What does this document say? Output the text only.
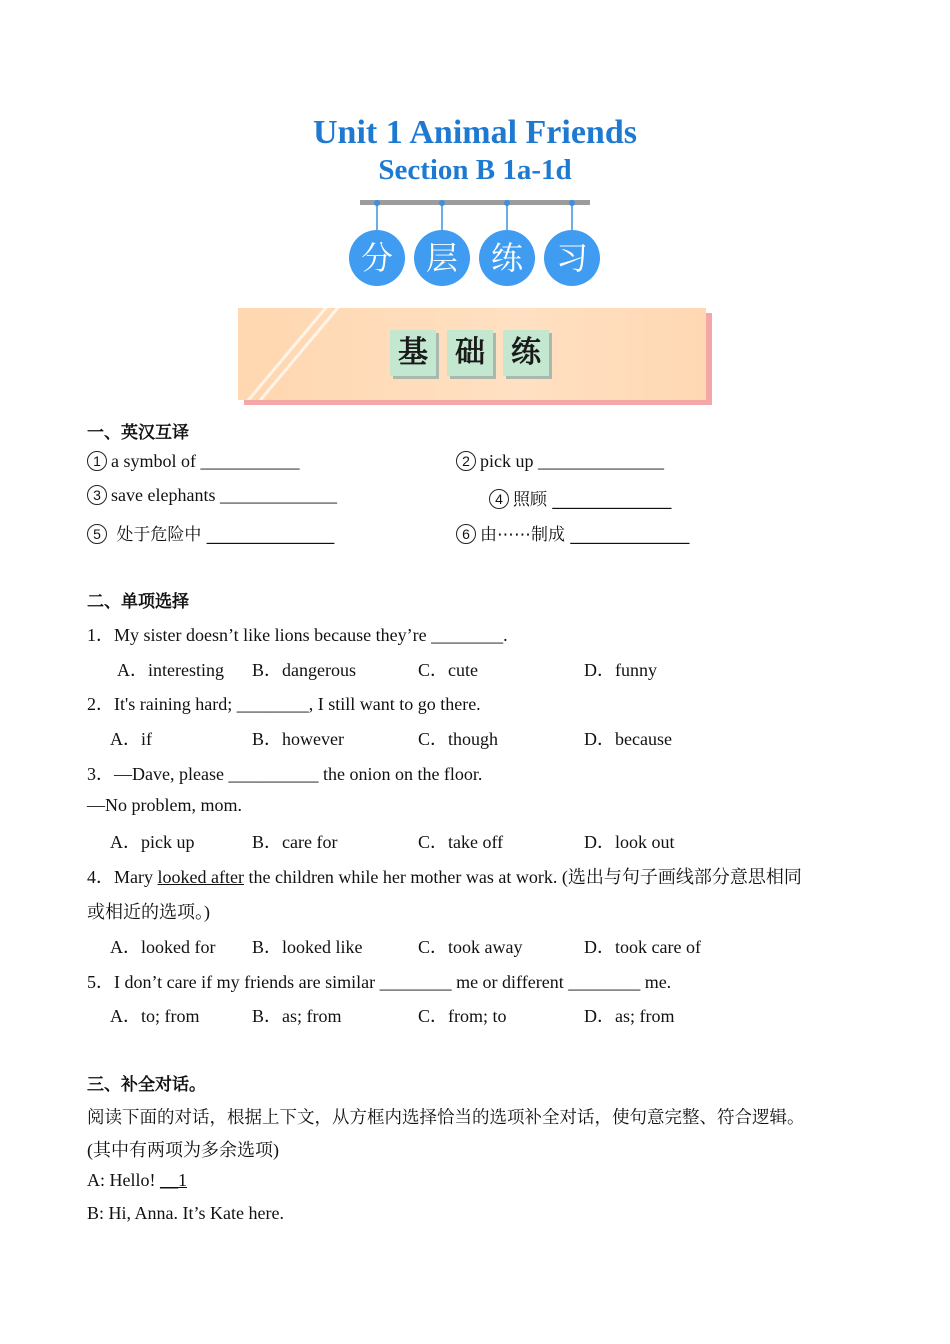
Unit 1 Animal Friends
Section B 1a-1d
分	层	练	习
基 础 练
一、英汉互译
1 a symbol of ___________	2 pick up ______________
3 save elephants _____________	4 照顾 ______________
5 处于危险中 _______________	6 由⋯⋯制成 ______________
二、单项选择
1．My sister doesn’t like lions because they’re ________.
A．interesting B．dangerous	C．cute	D．funny
2．It's raining hard; ________, I still want to go there.
A．if	B．however	C．though	D．because
3．—Dave, please __________ the onion on the floor.
—No problem, mom.
A．pick up	B．care for	C．take off	D．look out
4．Mary looked after the children while her mother was at work. (选出与句子画线部分意思相同
或相近的选项。)
A．looked for B．looked like	C．took away	D．took care of
5．I don’t care if my friends are similar ________ me or different ________ me.
A．to; from	B．as; from	C．from; to	D．as; from
三、补全对话。
阅读下面的对话，根据上下文，从方框内选择恰当的选项补全对话，使句意完整、符合逻辑。
(其中有两项为多余选项)
A: Hello! __1
B: Hi, Anna. It’s Kate here.
